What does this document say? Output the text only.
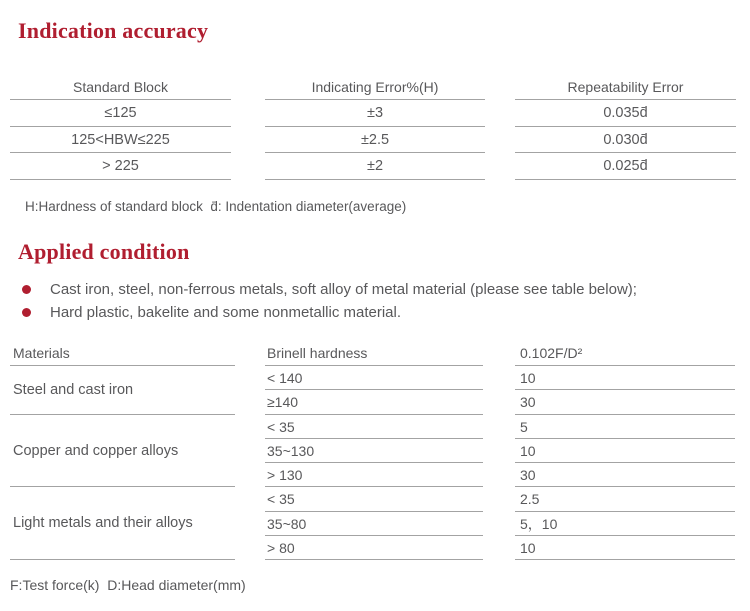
Indication accuracy
Standard Block
≤125
125<HBW≤225
> 225
Indicating Error%(H)
±3
±2.5
±2
Repeatability Error
0.035d̄
0.030d̄
0.025d̄
H:Hardness of standard block  d̄: Indentation diameter(average)
Applied condition
Cast iron, steel, non-ferrous metals, soft alloy of metal material (please see table below);
Hard plastic, bakelite and some nonmetallic material.
Materials
Steel and cast iron
Copper and copper alloys
Light metals and their alloys
Brinell hardness
< 140
≥140
< 35
35~130
> 130
< 35
35~80
> 80
0.102F/D²
10
30
5
10
30
2.5
5，10
10
F:Test force(k)  D:Head diameter(mm)
